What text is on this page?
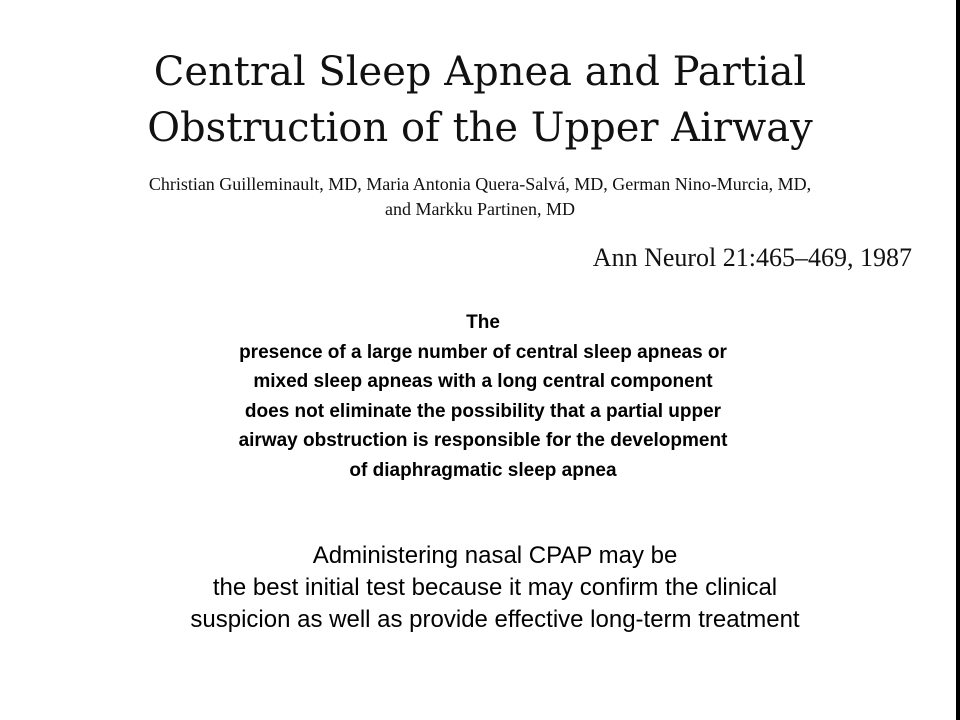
Central Sleep Apnea and Partial
Obstruction of the Upper Airway
Christian Guilleminault, MD, Maria Antonia Quera-Salvá, MD, German Nino-Murcia, MD,
and Markku Partinen, MD
Ann Neurol 21:465–469, 1987
The
presence of a large number of central sleep apneas or
mixed sleep apneas with a long central component
does not eliminate the possibility that a partial upper
airway obstruction is responsible for the development
of diaphragmatic sleep apnea
Administering nasal CPAP may be
the best initial test because it may confirm the clinical
suspicion as well as provide effective long-term treatment
